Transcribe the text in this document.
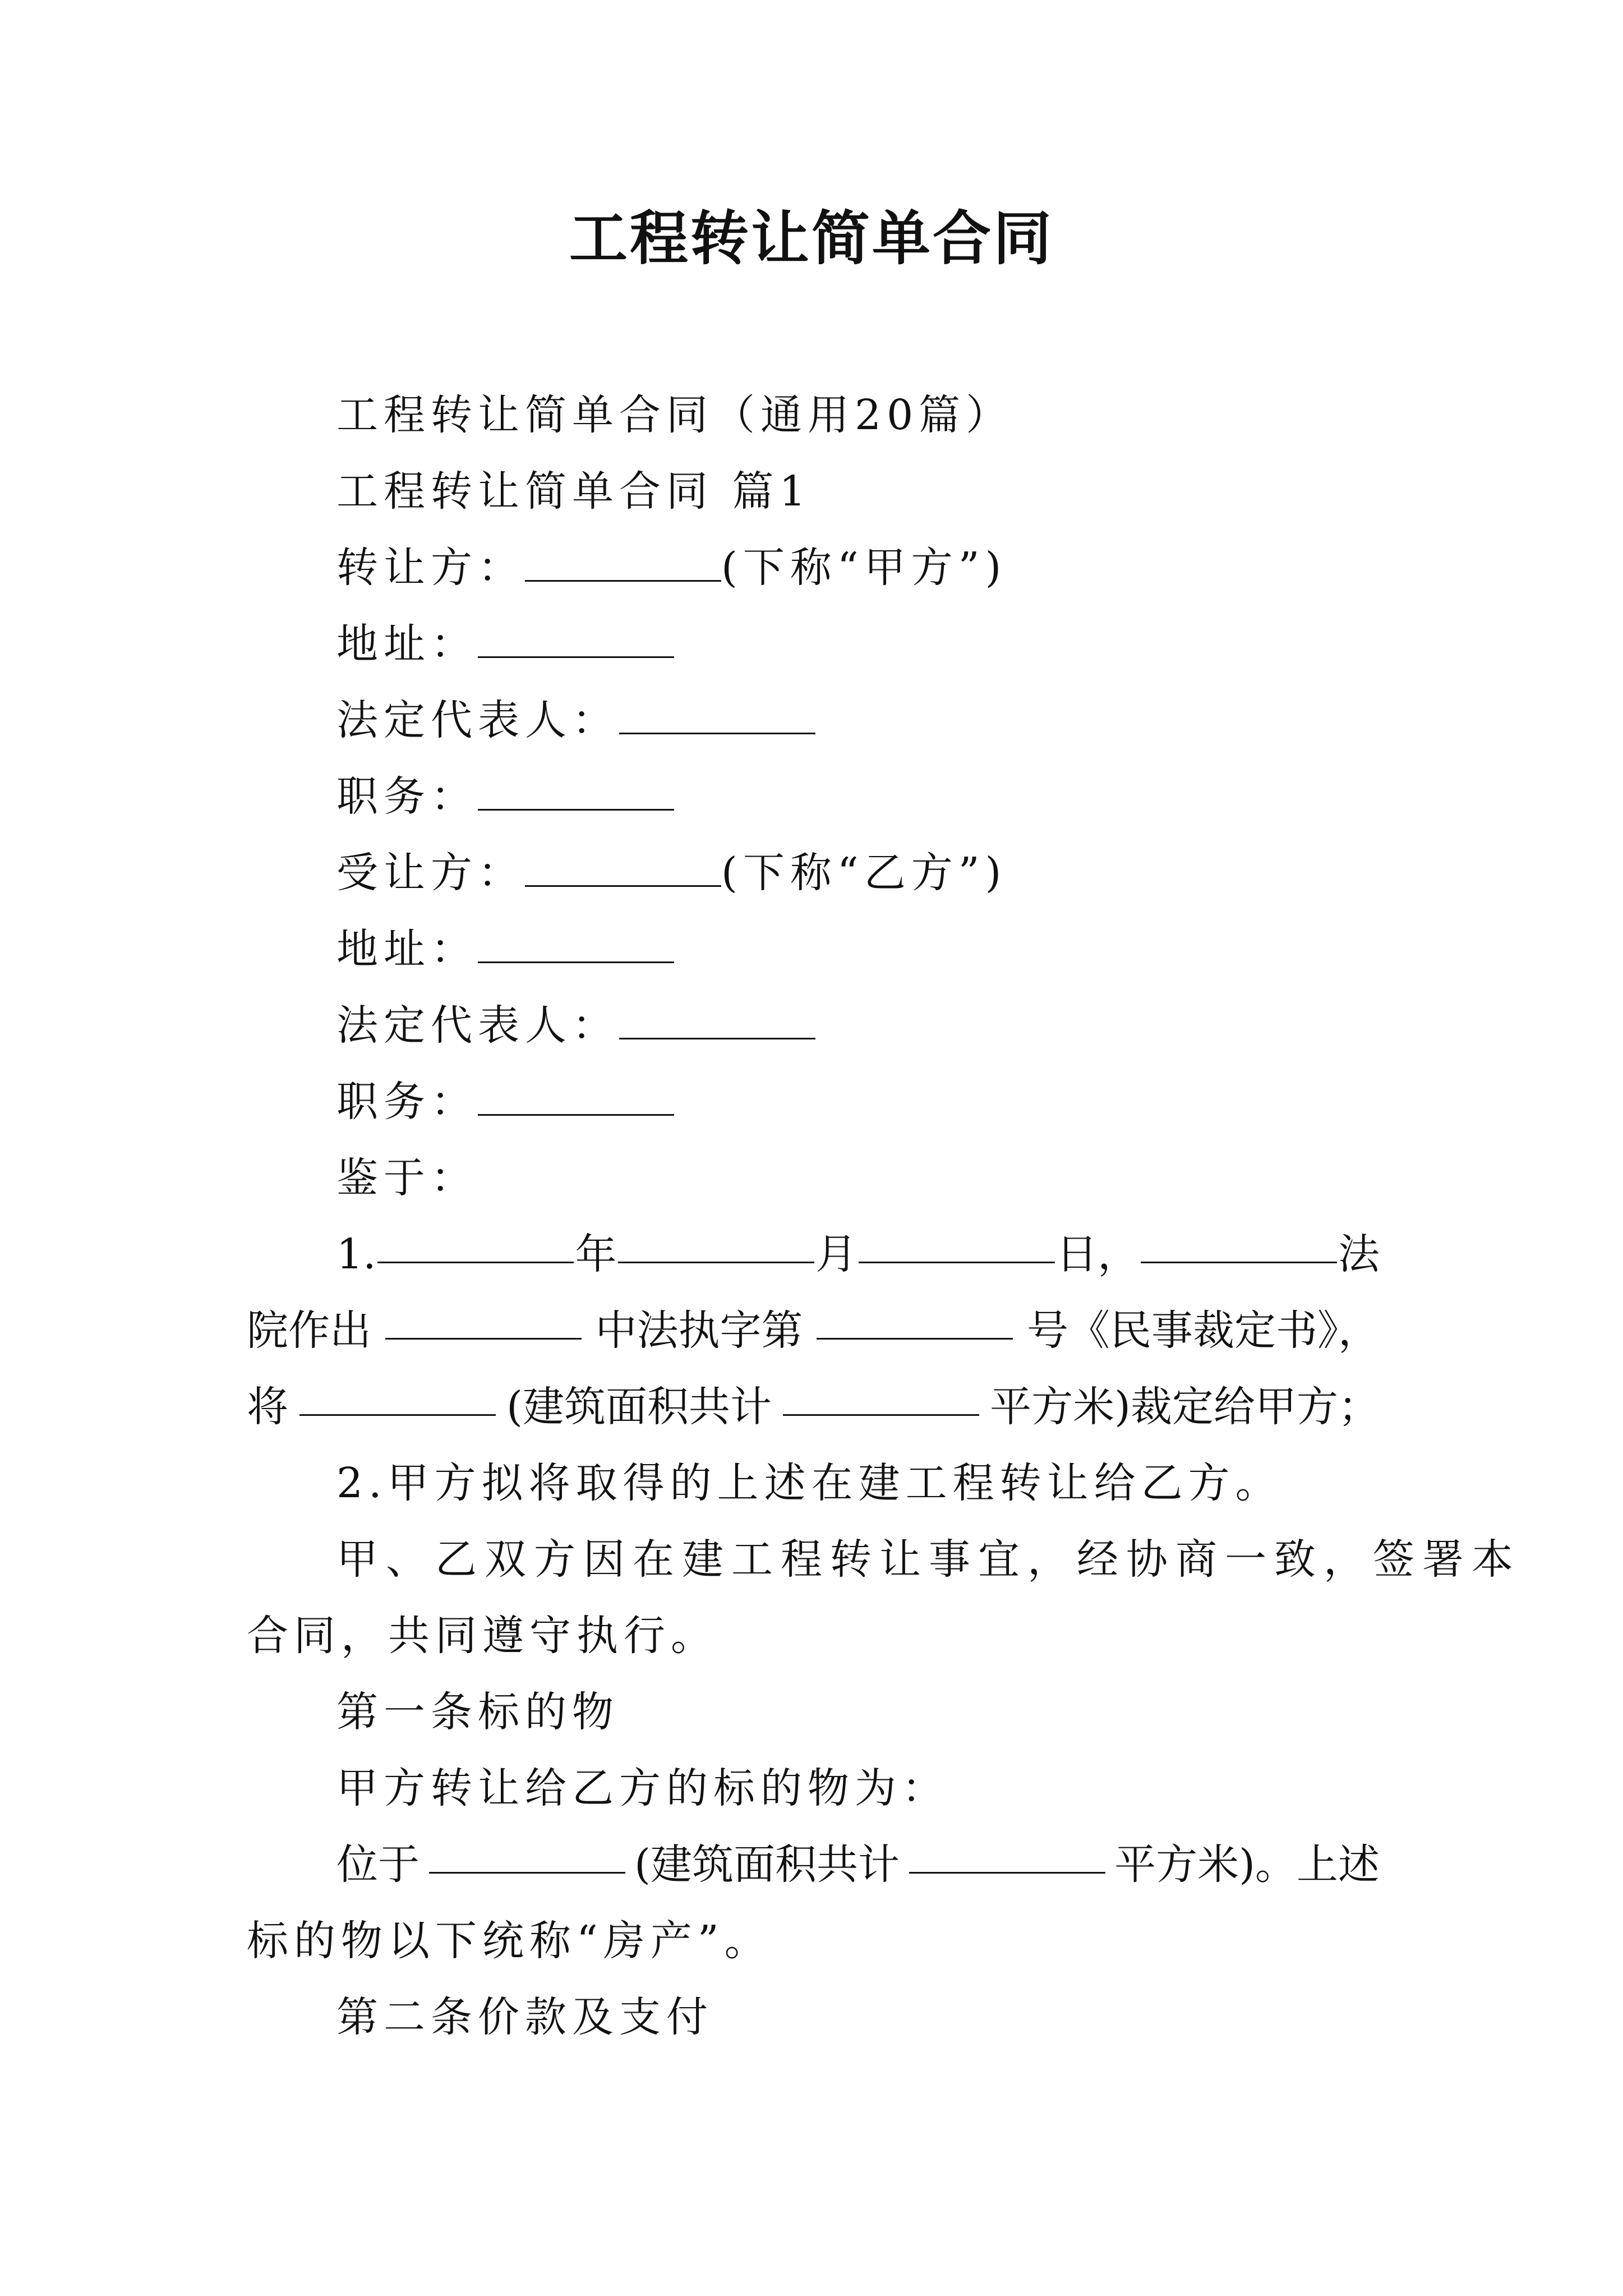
工程转让简单合同
工程转让简单合同（通用20篇）
工程转让简单合同 篇1
转让方：	(下称“甲方”)
地址：
法定代表人：
职务：
受让方：	(下称“乙方”)
地址：
法定代表人：
职务：
鉴于：
1.	年	月	日，	法
院作出	中法执字第	号《民事裁定书》，
将	(建筑面积共计	平方米)裁定给甲方；
2.甲方拟将取得的上述在建工程转让给乙方。
甲、乙双方因在建工程转让事宜，经协商一致，签署本
合同，共同遵守执行。
第一条标的物
甲方转让给乙方的标的物为：
位于	(建筑面积共计	平方米)。上述
标的物以下统称“房产”。
第二条价款及支付
